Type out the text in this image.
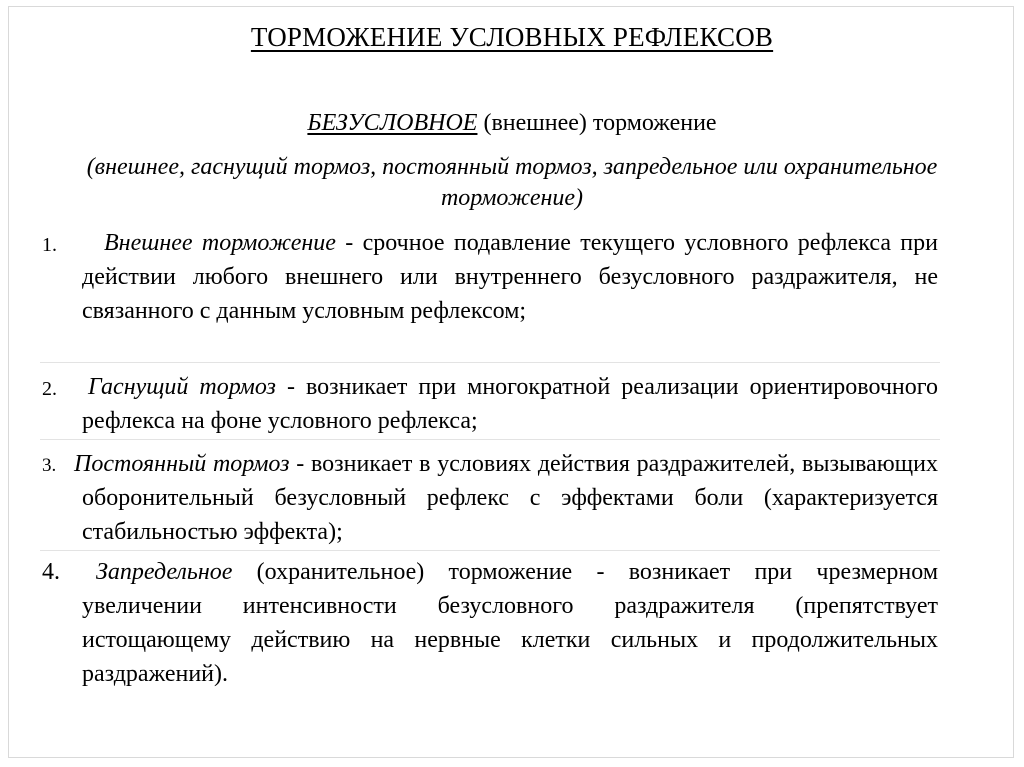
ТОРМОЖЕНИЕ УСЛОВНЫХ РЕФЛЕКСОВ
БЕЗУСЛОВНОЕ (внешнее) торможение
(внешнее, гаснущий тормоз, постоянный тормоз, запредельное или охранительное торможение)
1. Внешнее торможение - срочное подавление текущего условного рефлекса при действии любого внешнего или внутреннего безусловного раздражителя, не связанного с данным условным рефлексом;
2. Гаснущий тормоз - возникает при многократной реализации ориентировочного рефлекса на фоне условного рефлекса;
3. Постоянный тормоз - возникает в условиях действия раздражителей, вызывающих оборонительный безусловный рефлекс с эффектами боли (характеризуется стабильностью эффекта);
4. Запредельное (охранительное) торможение - возникает при чрезмерном увеличении интенсивности безусловного раздражителя (препятствует истощающему действию на нервные клетки сильных и продолжительных раздражений).
